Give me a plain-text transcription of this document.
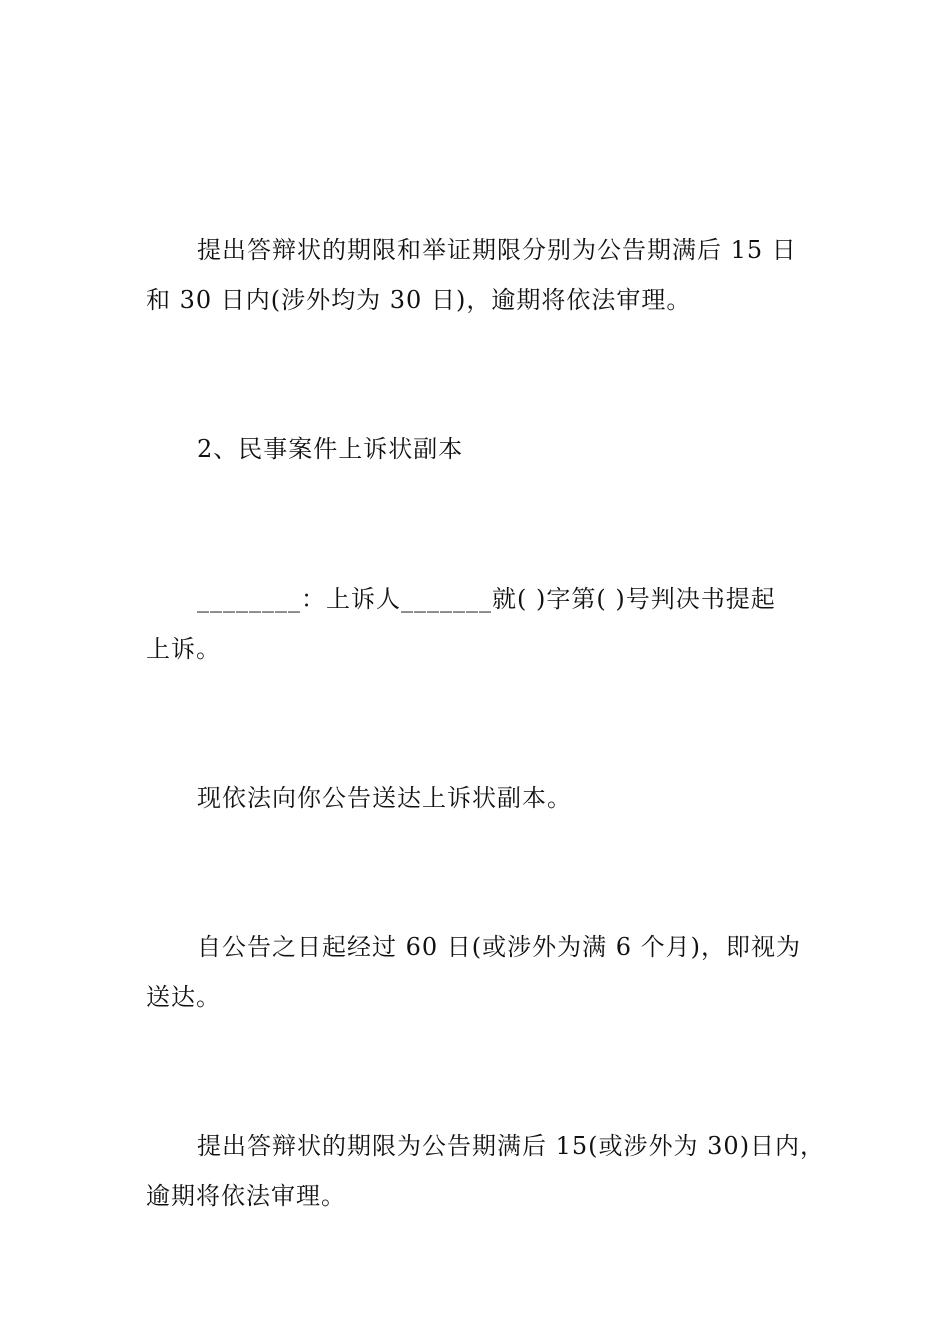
提出答辩状的期限和举证期限分别为公告期满后 15 日
和 30 日内(涉外均为 30 日)，逾期将依法审理。
2、民事案件上诉状副本
________：上诉人_______就( )字第( )号判决书提起
上诉。
现依法向你公告送达上诉状副本。
自公告之日起经过 60 日(或涉外为满 6 个月)，即视为
送达。
提出答辩状的期限为公告期满后 15(或涉外为 30)日内，
逾期将依法审理。
